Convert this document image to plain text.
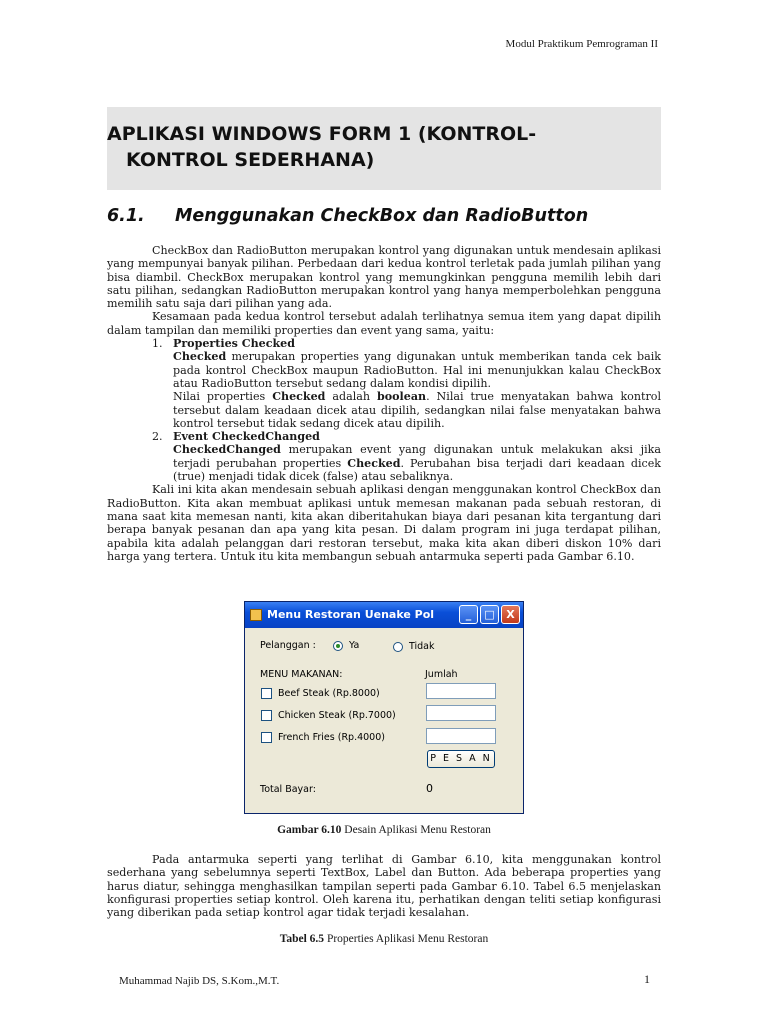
Modul Praktikum Pemrograman II
APLIKASI WINDOWS FORM 1 (KONTROL-
KONTROL SEDERHANA)
6.1. Menggunakan CheckBox dan RadioButton

CheckBox dan RadioButton merupakan kontrol yang digunakan untuk mendesain aplikasi yang mempunyai banyak pilihan. Perbedaan dari kedua kontrol terletak pada jumlah pilihan yang bisa diambil. CheckBox merupakan kontrol yang memungkinkan pengguna memilih lebih dari satu pilihan, sedangkan RadioButton merupakan kontrol yang hanya memperbolehkan pengguna memilih satu saja dari pilihan yang ada.

Kesamaan pada kedua kontrol tersebut adalah terlihatnya semua item yang dapat dipilih dalam tampilan dan memiliki properties dan event yang sama, yaitu:

1. Properties Checked

Checked merupakan properties yang digunakan untuk memberikan tanda cek baik pada kontrol CheckBox maupun RadioButton. Hal ini menunjukkan kalau CheckBox atau RadioButton tersebut sedang dalam kondisi dipilih.

Nilai properties Checked adalah boolean. Nilai true menyatakan bahwa kontrol tersebut dalam keadaan dicek atau dipilih, sedangkan nilai false menyatakan bahwa kontrol tersebut tidak sedang dicek atau dipilih.

2. Event CheckedChanged

CheckedChanged merupakan event yang digunakan untuk melakukan aksi jika terjadi perubahan properties Checked. Perubahan bisa terjadi dari keadaan dicek (true) menjadi tidak dicek (false) atau sebaliknya.

Kali ini kita akan mendesain sebuah aplikasi dengan menggunakan kontrol CheckBox dan RadioButton. Kita akan membuat aplikasi untuk memesan makanan pada sebuah restoran, di mana saat kita memesan nanti, kita akan diberitahukan biaya dari pesanan kita tergantung dari berapa banyak pesanan dan apa yang kita pesan. Di dalam program ini juga terdapat pilihan, apabila kita adalah pelanggan dari restoran tersebut, maka kita akan diberi diskon 10% dari harga yang tertera. Untuk itu kita membangun sebuah antarmuka seperti pada Gambar 6.10.

Menu Restoran Uenake Pol	_	□	X
Pelanggan :	Ya	Tidak
MENU MAKANAN:	Jumlah
Beef Steak (Rp.8000)
Chicken Steak (Rp.7000)
French Fries (Rp.4000)
P E S A N
Total Bayar:	0
Gambar 6.10 Desain Aplikasi Menu Restoran

Pada antarmuka seperti yang terlihat di Gambar 6.10, kita menggunakan kontrol sederhana yang sebelumnya seperti TextBox, Label dan Button. Ada beberapa properties yang harus diatur, sehingga menghasilkan tampilan seperti pada Gambar 6.10. Tabel 6.5 menjelaskan konfigurasi properties setiap kontrol. Oleh karena itu, perhatikan dengan teliti setiap konfigurasi yang diberikan pada setiap kontrol agar tidak terjadi kesalahan.

Tabel 6.5 Properties Aplikasi Menu Restoran
Muhammad Najib DS, S.Kom.,M.T.	1
